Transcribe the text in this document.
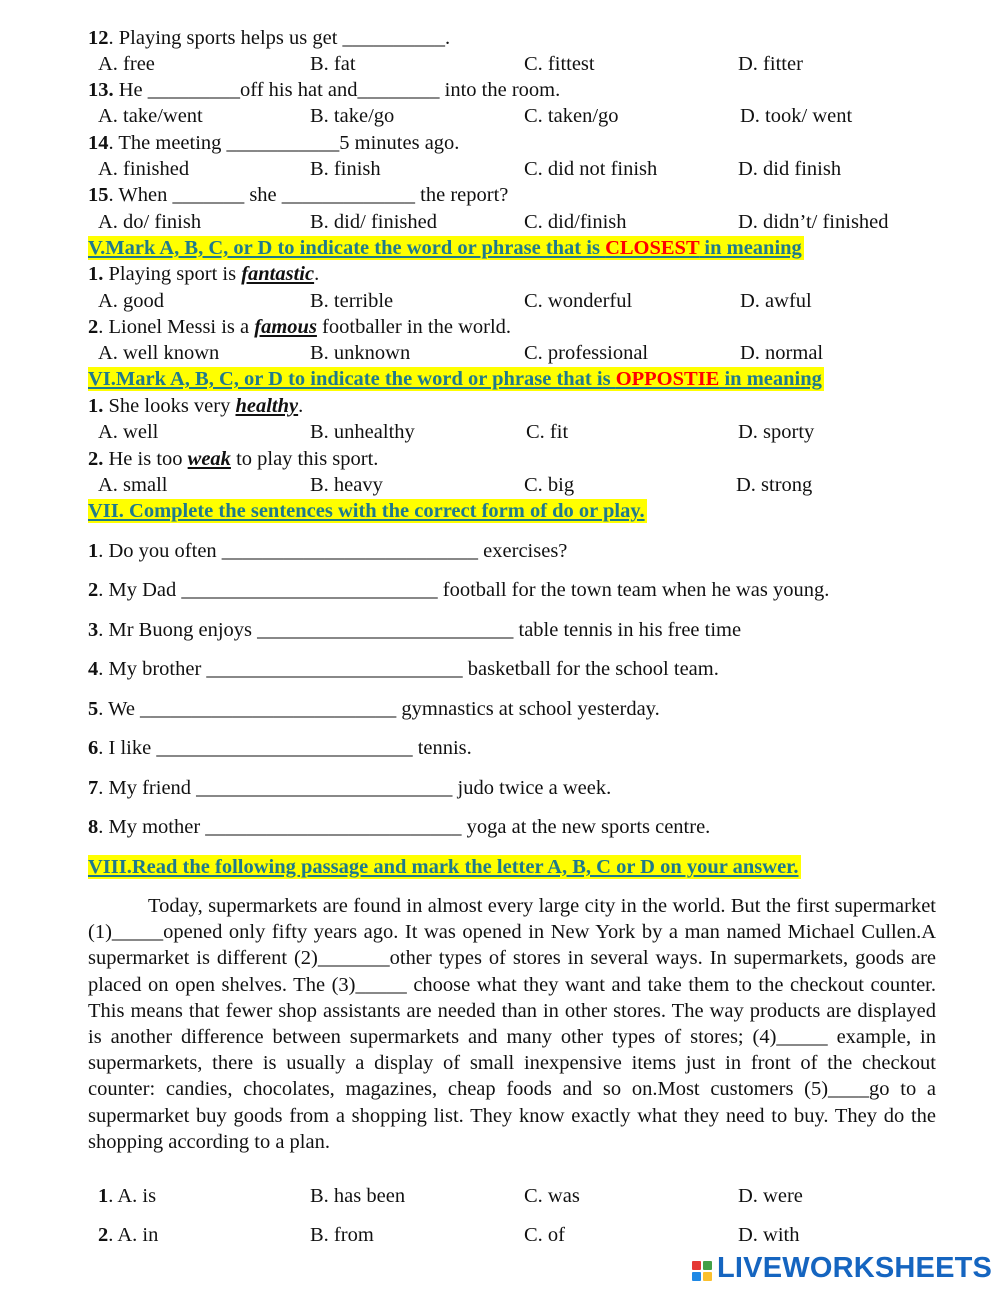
12. Playing sports helps us get __________.
A. free	B. fat	C. fittest	D. fitter
13. He _________off his hat and________ into the room.
A. take/went	B. take/go	C. taken/go	D. took/ went
14. The meeting ___________5 minutes ago.
A. finished	B. finish	C. did not finish	D. did finish
15. When _______ she _____________ the report?
A. do/ finish	B. did/ finished	C. did/finish	D. didn’t/ finished
V.Mark A, B, C, or D to indicate the word or phrase that is CLOSEST in meaning
1. Playing sport is fantastic.
A. good	B. terrible	C. wonderful	D. awful
2. Lionel Messi is a famous footballer in the world.
A. well known	B. unknown	C. professional	D. normal
VI.Mark A, B, C, or D to indicate the word or phrase that is OPPOSTIE in meaning
1. She looks very healthy.
A. well	B. unhealthy	C. fit	D. sporty
2. He is too weak to play this sport.
A. small	B. heavy	C. big	D. strong
VII. Complete the sentences with the correct form of do or play.
1. Do you often _________________________ exercises?
2. My Dad _________________________ football for the town team when he was young.
3. Mr Buong enjoys _________________________ table tennis in his free time
4. My brother _________________________ basketball for the school team.
5. We _________________________ gymnastics at school yesterday.
6. I like _________________________ tennis.
7. My friend _________________________ judo twice a week.
8. My mother _________________________ yoga at the new sports centre.
VIII.Read the following passage and mark the letter A, B, C or D on your answer.

Today, supermarkets are found in almost every large city in the world. But the first supermarket (1)_____opened only fifty years ago. It was opened in New York by a man named Michael Cullen.A supermarket is different (2)_______other types of stores in several ways. In supermarkets, goods are placed on open shelves. The (3)_____ choose what they want and take them to the checkout counter. This means that fewer shop assistants are needed than in other stores. The way products are displayed is another difference between supermarkets and many other types of stores; (4)_____ example, in supermarkets, there is usually a display of small inexpensive items just in front of the checkout counter: candies, chocolates, magazines, cheap foods and so on.Most customers (5)____go to a supermarket buy goods from a shopping list. They know exactly what they need to buy. They do the shopping according to a plan.

1. A. is	B. has been	C. was	D. were
2. A. in	B. from	C. of	D. with
LIVEWORKSHEETS
